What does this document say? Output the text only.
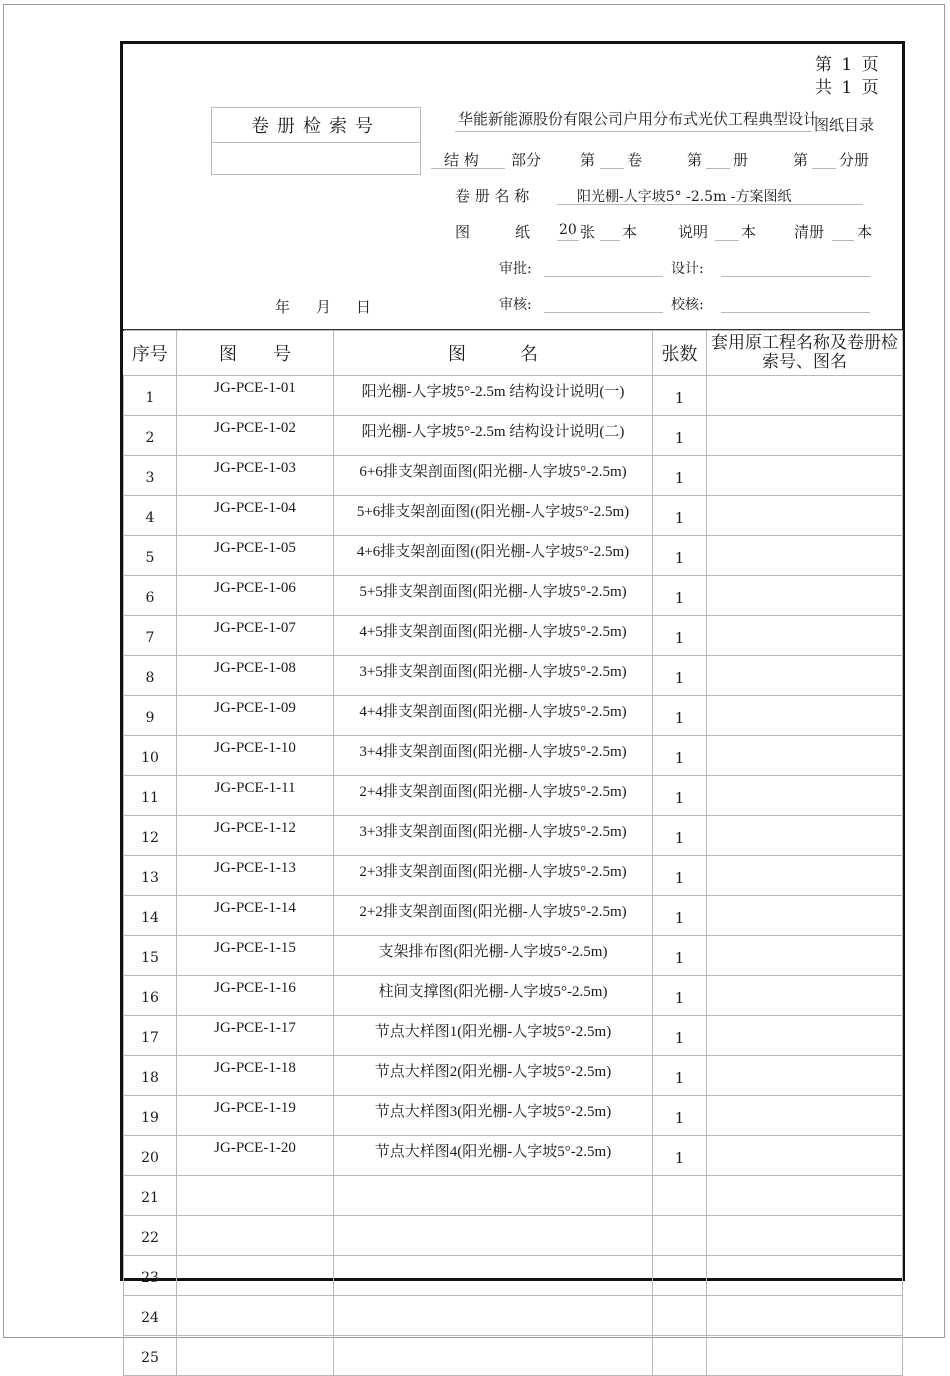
第 1 页
共 1 页
卷册检索号	华能新能源股份有限公司户用分布式光伏工程典型设计
图纸目录
结 构 部分	第 卷	第 册	第 分册
卷 册 名 称	阳光棚-人字坡5° -2.5m -方案图纸
图	纸 20 张 本	说明 本	清册 本
审批:	设计:
审核:	校核:
年 月 日
序号	图　　号	图　　　名	张数	套用原工程名称及卷册检索号、图名
1	JG-PCE-1-01	阳光棚-人字坡5°-2.5m 结构设计说明(一)	1	
2	JG-PCE-1-02	阳光棚-人字坡5°-2.5m 结构设计说明(二)	1	
3	JG-PCE-1-03	6+6排支架剖面图(阳光棚-人字坡5°-2.5m)	1	
4	JG-PCE-1-04	5+6排支架剖面图((阳光棚-人字坡5°-2.5m)	1	
5	JG-PCE-1-05	4+6排支架剖面图((阳光棚-人字坡5°-2.5m)	1	
6	JG-PCE-1-06	5+5排支架剖面图(阳光棚-人字坡5°-2.5m)	1	
7	JG-PCE-1-07	4+5排支架剖面图(阳光棚-人字坡5°-2.5m)	1	
8	JG-PCE-1-08	3+5排支架剖面图(阳光棚-人字坡5°-2.5m)	1	
9	JG-PCE-1-09	4+4排支架剖面图(阳光棚-人字坡5°-2.5m)	1	
10	JG-PCE-1-10	3+4排支架剖面图(阳光棚-人字坡5°-2.5m)	1	
11	JG-PCE-1-11	2+4排支架剖面图(阳光棚-人字坡5°-2.5m)	1	
12	JG-PCE-1-12	3+3排支架剖面图(阳光棚-人字坡5°-2.5m)	1	
13	JG-PCE-1-13	2+3排支架剖面图(阳光棚-人字坡5°-2.5m)	1	
14	JG-PCE-1-14	2+2排支架剖面图(阳光棚-人字坡5°-2.5m)	1	
15	JG-PCE-1-15	支架排布图(阳光棚-人字坡5°-2.5m)	1	
16	JG-PCE-1-16	柱间支撑图(阳光棚-人字坡5°-2.5m)	1	
17	JG-PCE-1-17	节点大样图1(阳光棚-人字坡5°-2.5m)	1	
18	JG-PCE-1-18	节点大样图2(阳光棚-人字坡5°-2.5m)	1	
19	JG-PCE-1-19	节点大样图3(阳光棚-人字坡5°-2.5m)	1	
20	JG-PCE-1-20	节点大样图4(阳光棚-人字坡5°-2.5m)	1	
21				
22				
23				
24				
25				
